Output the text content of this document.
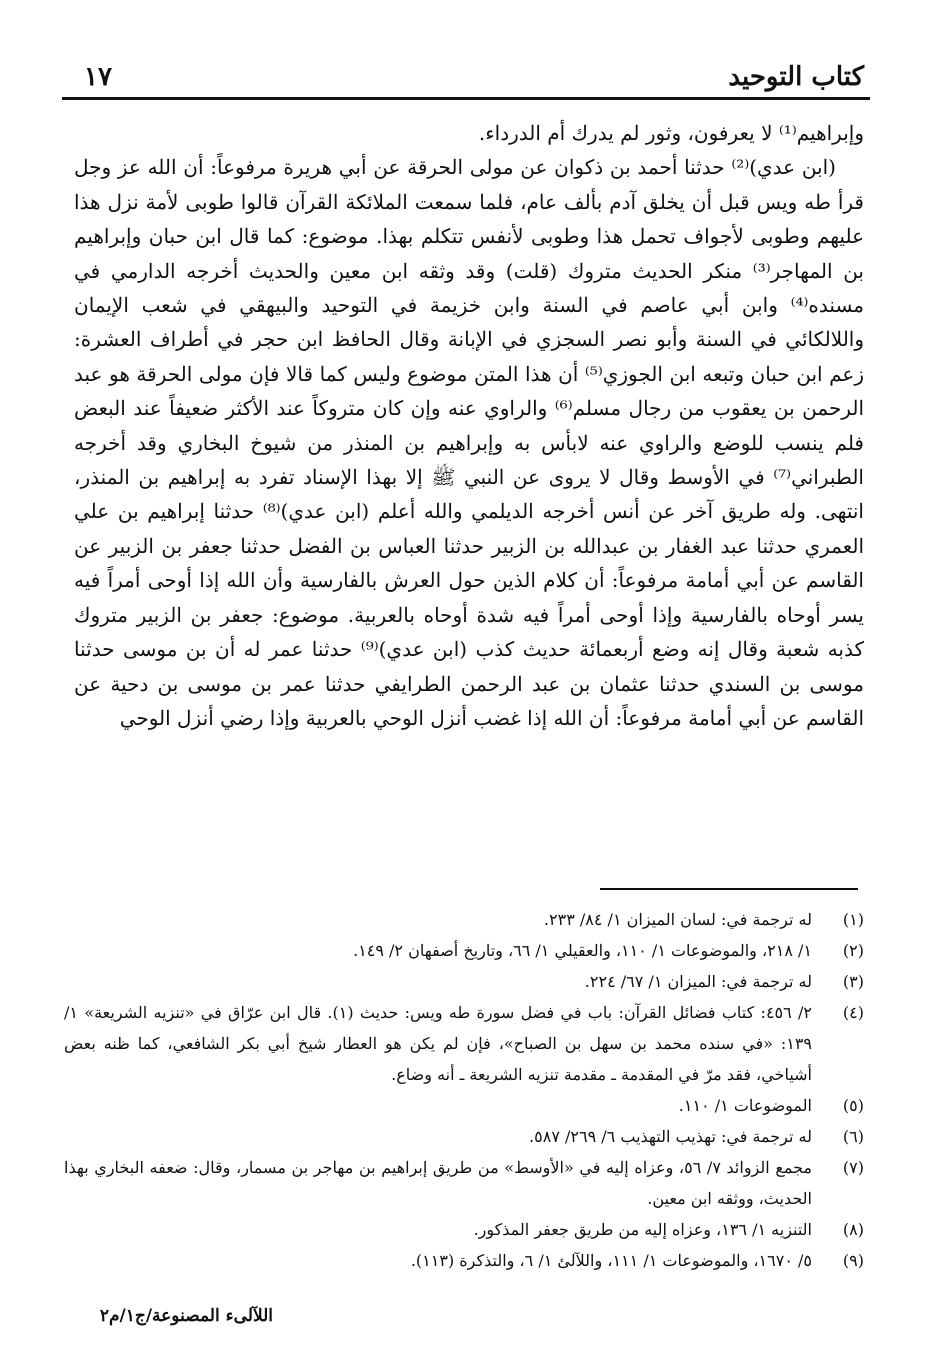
كتاب التوحيد
١٧

وإبراهيم⁽¹⁾ لا يعرفون، وثور لم يدرك أم الدرداء.

(ابن عدي)⁽²⁾ حدثنا أحمد بن ذكوان عن مولى الحرقة عن أبي هريرة مرفوعاً: أن الله عز وجل قرأ طه ويس قبل أن يخلق آدم بألف عام، فلما سمعت الملائكة القرآن قالوا طوبى لأمة نزل هذا عليهم وطوبى لأجواف تحمل هذا وطوبى لأنفس تتكلم بهذا. موضوع: كما قال ابن حبان وإبراهيم بن المهاجر⁽³⁾ منكر الحديث متروك (قلت) وقد وثقه ابن معين والحديث أخرجه الدارمي في مسنده⁽⁴⁾ وابن أبي عاصم في السنة وابن خزيمة في التوحيد والبيهقي في شعب الإيمان واللالكائي في السنة وأبو نصر السجزي في الإبانة وقال الحافظ ابن حجر في أطراف العشرة: زعم ابن حبان وتبعه ابن الجوزي⁽⁵⁾ أن هذا المتن موضوع وليس كما قالا فإن مولى الحرقة هو عبد الرحمن بن يعقوب من رجال مسلم⁽⁶⁾ والراوي عنه وإن كان متروكاً عند الأكثر ضعيفاً عند البعض فلم ينسب للوضع والراوي عنه لابأس به وإبراهيم بن المنذر من شيوخ البخاري وقد أخرجه الطبراني⁽⁷⁾ في الأوسط وقال لا يروى عن النبي ﷺ إلا بهذا الإسناد تفرد به إبراهيم بن المنذر، انتهى. وله طريق آخر عن أنس أخرجه الديلمي والله أعلم (ابن عدي)⁽⁸⁾ حدثنا إبراهيم بن علي العمري حدثنا عبد الغفار بن عبدالله بن الزبير حدثنا العباس بن الفضل حدثنا جعفر بن الزبير عن القاسم عن أبي أمامة مرفوعاً: أن كلام الذين حول العرش بالفارسية وأن الله إذا أوحى أمراً فيه يسر أوحاه بالفارسية وإذا أوحى أمراً فيه شدة أوحاه بالعربية. موضوع: جعفر بن الزبير متروك كذبه شعبة وقال إنه وضع أربعمائة حديث كذب (ابن عدي)⁽⁹⁾ حدثنا عمر له أن بن موسى حدثنا موسى بن السندي حدثنا عثمان بن عبد الرحمن الطرايفي حدثنا عمر بن موسى بن دحية عن القاسم عن أبي أمامة مرفوعاً: أن الله إذا غضب أنزل الوحي بالعربية وإذا رضي أنزل الوحي

(١)
له ترجمة في: لسان الميزان ١/ ٨٤/ ٢٣٣.
(٢)
١/ ٢١٨، والموضوعات ١/ ١١٠، والعقيلي ١/ ٦٦، وتاريخ أصفهان ٢/ ١٤٩.
(٣)
له ترجمة في: الميزان ١/ ٦٧/ ٢٢٤.
(٤)
٢/ ٤٥٦: كتاب فضائل القرآن: باب في فضل سورة طه ويس: حديث (١). قال ابن عرّاق في «تنزيه الشريعة» ١/ ١٣٩: «في سنده محمد بن سهل بن الصباح»، فإن لم يكن هو العطار شيخ أبي بكر الشافعي، كما ظنه بعض أشياخي، فقد مرّ في المقدمة ـ مقدمة تنزيه الشريعة ـ أنه وضاع.
(٥)
الموضوعات ١/ ١١٠.
(٦)
له ترجمة في: تهذيب التهذيب ٦/ ٢٦٩/ ٥٨٧.
(٧)
مجمع الزوائد ٧/ ٥٦، وعزاه إليه في «الأوسط» من طريق إبراهيم بن مهاجر بن مسمار، وقال: ضعفه البخاري بهذا الحديث، ووثقه ابن معين.
(٨)
التنزيه ١/ ١٣٦، وعزاه إليه من طريق جعفر المذكور.
(٩)
٥/ ١٦٧٠، والموضوعات ١/ ١١١، واللآلئ ١/ ٦، والتذكرة (١١٣).
اللآلىء المصنوعة/ج١/م٢
